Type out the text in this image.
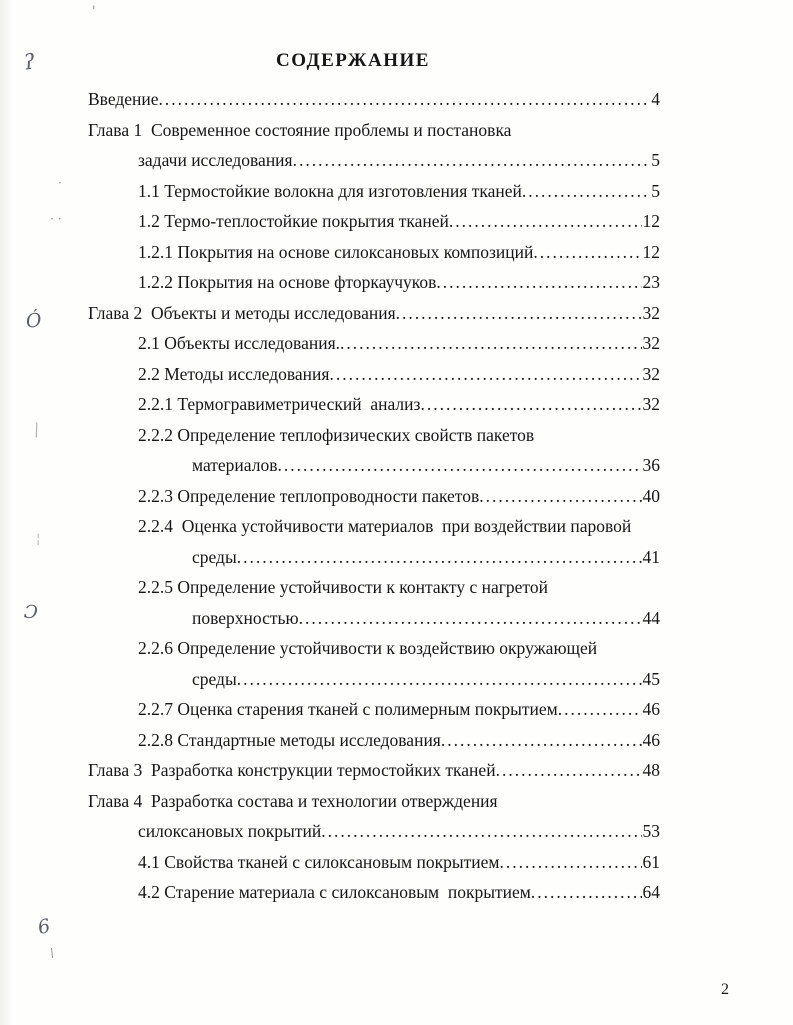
СОДЕРЖАНИЕ
Введение .....	4
Глава 1  Современное состояние проблемы и постановка
задачи исследования .....	5
1.1 Термостойкие волокна для изготовления тканей .....	5
1.2 Термо-теплостойкие покрытия тканей .....	12
1.2.1 Покрытия на основе силоксановых композиций .....	12
1.2.2 Покрытия на основе фторкаучуков .....	23
Глава 2  Объекты и методы исследования .....	32
2.1 Объекты исследования. .....	32
2.2 Методы исследования .....	32
2.2.1 Термогравиметрический  анализ .....	32
2.2.2 Определение теплофизических свойств пакетов
материалов .....	36
2.2.3 Определение теплопроводности пакетов .....	40
2.2.4  Оценка устойчивости материалов  при воздействии паровой
среды .....	41
2.2.5 Определение устойчивости к контакту с нагретой
поверхностью .....	44
2.2.6 Определение устойчивости к воздействию окружающей
среды .....	45
2.2.7 Оценка старения тканей с полимерным покрытием .....	46
2.2.8 Стандартные методы исследования .....	46
Глава 3  Разработка конструкции термостойких тканей .....	48
Глава 4  Разработка состава и технологии отверждения
силоксановых покрытий .....	53
4.1 Свойства тканей с силоксановым покрытием .....	61
4.2 Старение материала с силоксановым  покрытием .....	64
2
ʔ
'
·
· ·
Ó
|
¦
Ɔ
6
\
